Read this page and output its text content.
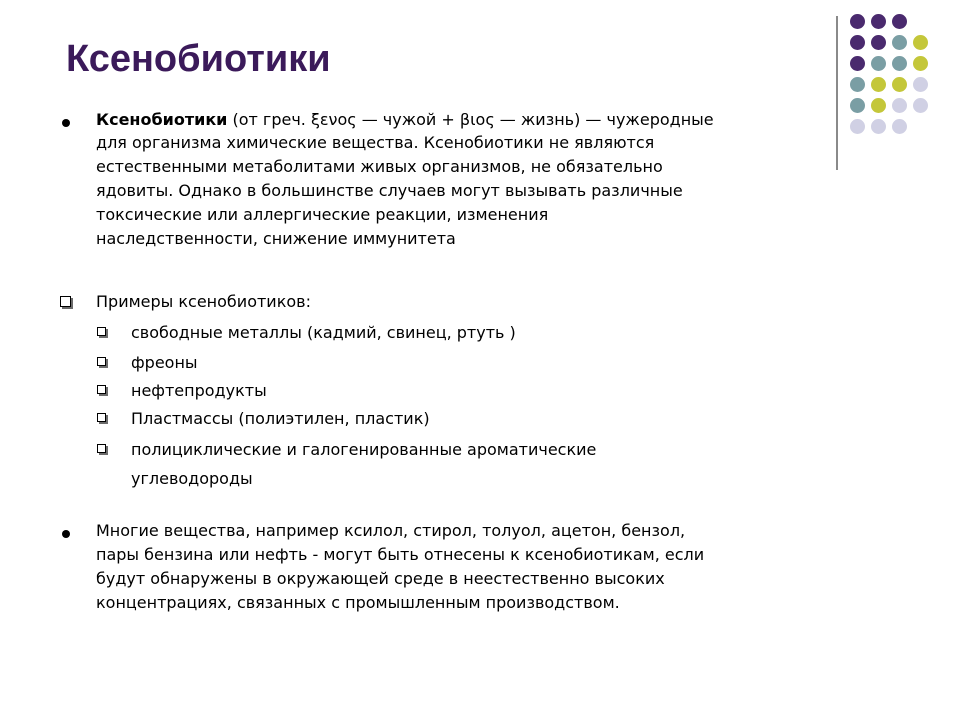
Ксенобиотики
Ксенобиотики (от греч. ξενος — чужой + βιος — жизнь) — чужеродные
для организма химические вещества. Ксенобиотики не являются
естественными метаболитами живых организмов, не обязательно
ядовиты. Однако в большинстве случаев могут вызывать различные
токсические или аллергические реакции, изменения
наследственности, снижение иммунитета
Примеры ксенобиотиков:
свободные металлы (кадмий, свинец, ртуть )
фреоны
нефтепродукты
Пластмассы (полиэтилен, пластик)
полициклические и галогенированные ароматические
углеводороды
Многие вещества, например ксилол, стирол, толуол, ацетон, бензол,
пары бензина или нефть - могут быть отнесены к ксенобиотикам, если
будут обнаружены в окружающей среде в неестественно высоких
концентрациях, связанных с промышленным производством.
